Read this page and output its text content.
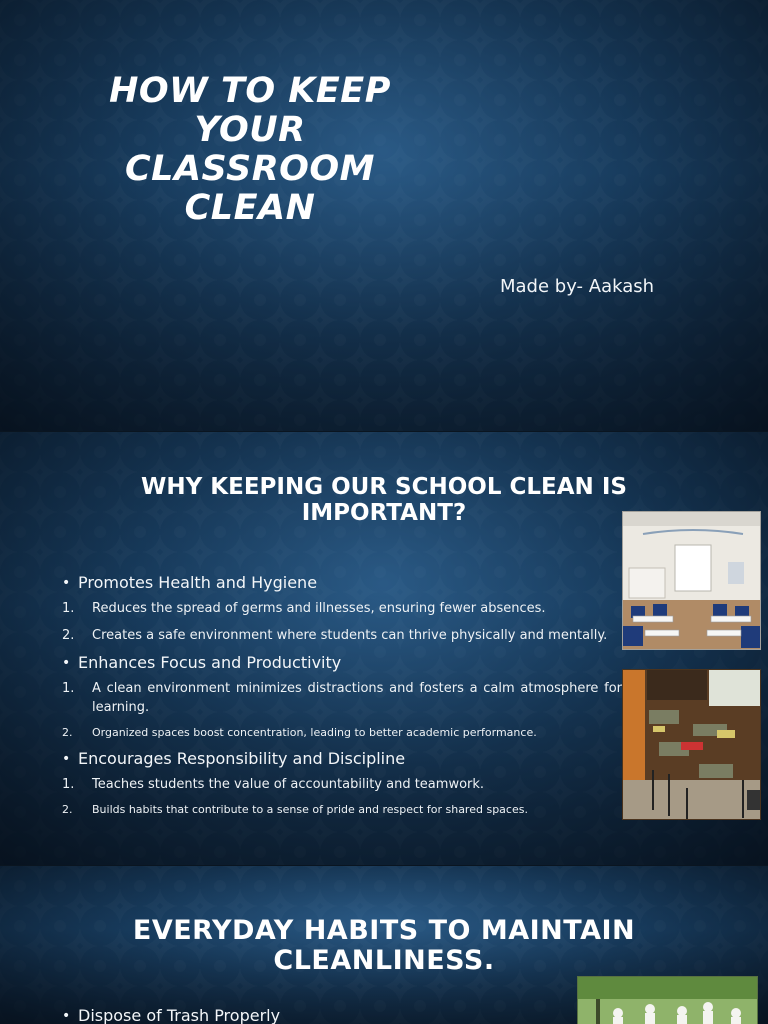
HOW TO KEEP YOUR CLASSROOM CLEAN
Made by- Aakash
WHY KEEPING OUR SCHOOL CLEAN IS IMPORTANT?
• Promotes Health and Hygiene
1. Reduces the spread of germs and illnesses, ensuring fewer absences.
2. Creates a safe environment where students can thrive physically and mentally.
• Enhances Focus and Productivity
1. A clean environment minimizes distractions and fosters a calm atmosphere for learning.
2. Organized spaces boost concentration, leading to better academic performance.
• Encourages Responsibility and Discipline
1. Teaches students the value of accountability and teamwork.
2. Builds habits that contribute to a sense of pride and respect for shared spaces.
EVERYDAY HABITS TO MAINTAIN CLEANLINESS.
• Dispose of Trash Properly
